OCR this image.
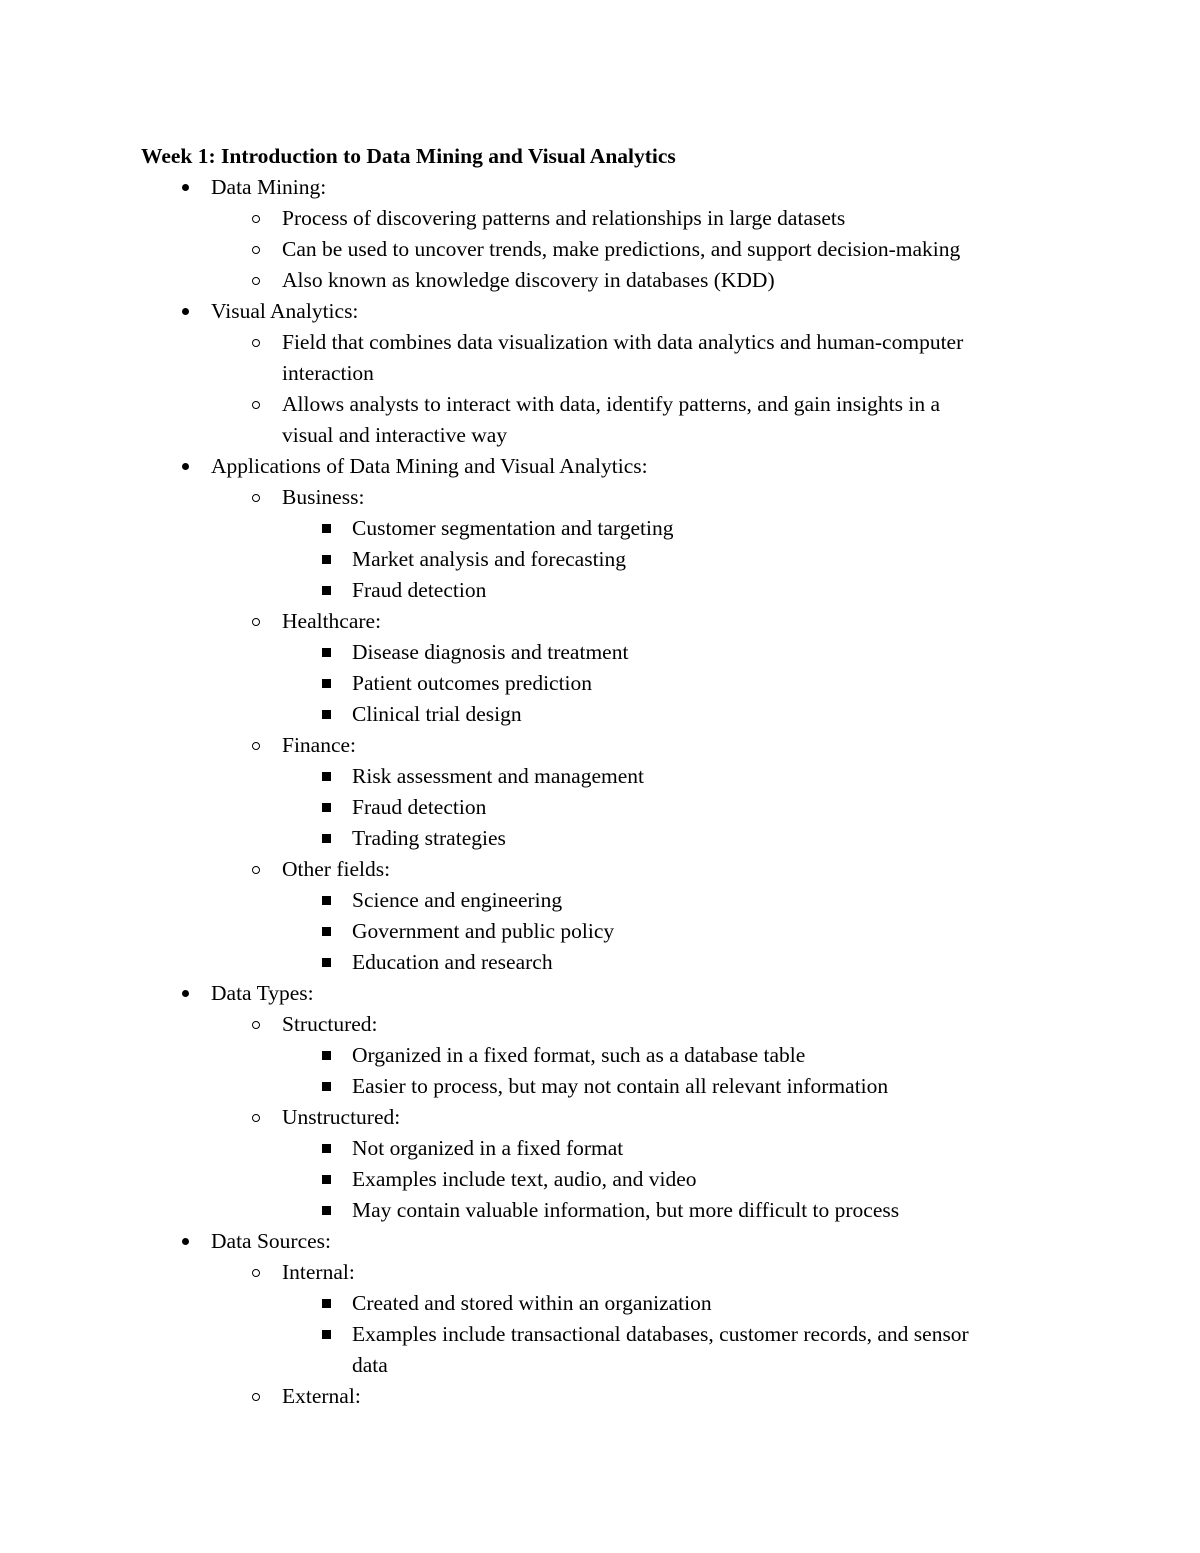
Week 1: Introduction to Data Mining and Visual Analytics
Data Mining:
Process of discovering patterns and relationships in large datasets
Can be used to uncover trends, make predictions, and support decision-making
Also known as knowledge discovery in databases (KDD)
Visual Analytics:
Field that combines data visualization with data analytics and human-computer
interaction
Allows analysts to interact with data, identify patterns, and gain insights in a
visual and interactive way
Applications of Data Mining and Visual Analytics:
Business:
Customer segmentation and targeting
Market analysis and forecasting
Fraud detection
Healthcare:
Disease diagnosis and treatment
Patient outcomes prediction
Clinical trial design
Finance:
Risk assessment and management
Fraud detection
Trading strategies
Other fields:
Science and engineering
Government and public policy
Education and research
Data Types:
Structured:
Organized in a fixed format, such as a database table
Easier to process, but may not contain all relevant information
Unstructured:
Not organized in a fixed format
Examples include text, audio, and video
May contain valuable information, but more difficult to process
Data Sources:
Internal:
Created and stored within an organization
Examples include transactional databases, customer records, and sensor
data
External:
